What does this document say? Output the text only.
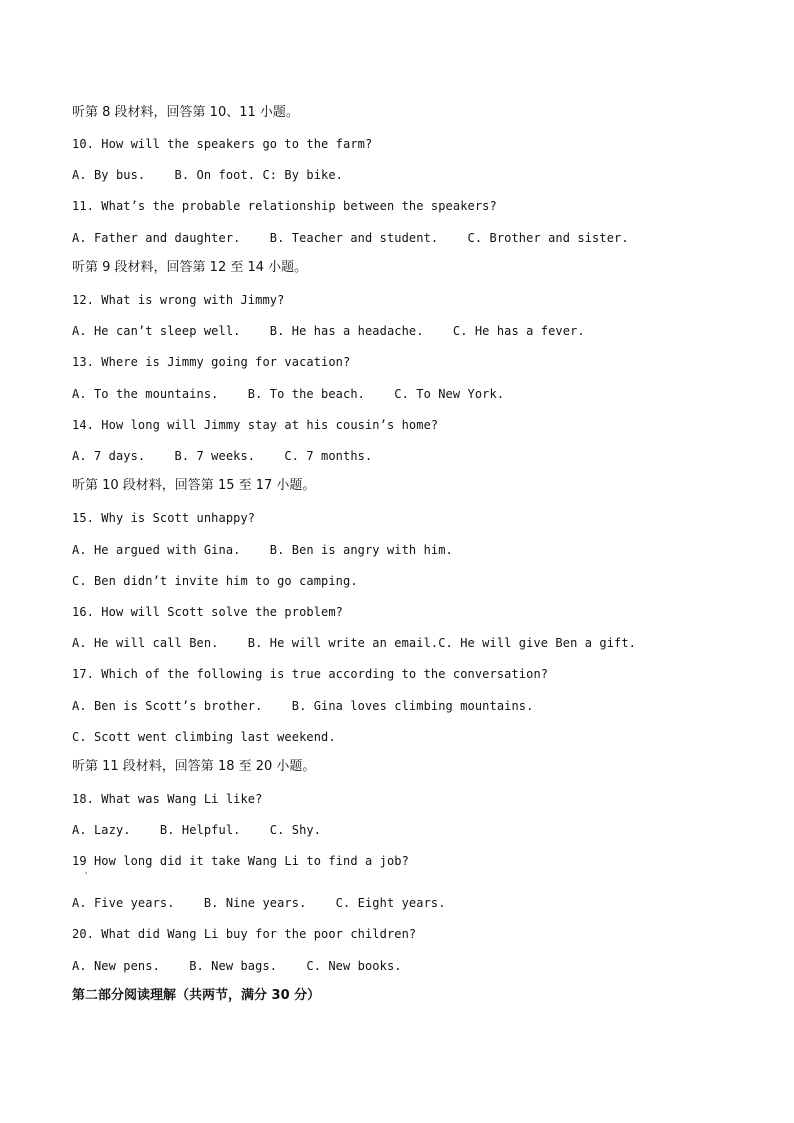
听第 8 段材料，回答第 10、11 小题。
10. How will the speakers go to the farm?
A. By bus.    B. On foot. C: By bike.
11. What’s the probable relationship between the speakers?
A. Father and daughter.    B. Teacher and student.    C. Brother and sister.
听第 9 段材料，回答第 12 至 14 小题。
12. What is wrong with Jimmy?
A. He can’t sleep well.    B. He has a headache.    C. He has a fever.
13. Where is Jimmy going for vacation?
A. To the mountains.    B. To the beach.    C. To New York.
14. How long will Jimmy stay at his cousin’s home?
A. 7 days.    B. 7 weeks.    C. 7 months.
听第 10 段材料，回答第 15 至 17 小题。
15. Why is Scott unhappy?
A. He argued with Gina.    B. Ben is angry with him.
C. Ben didn’t invite him to go camping.
16. How will Scott solve the problem?
A. He will call Ben.    B. He will write an email.C. He will give Ben a gift.
17. Which of the following is true according to the conversation?
A. Ben is Scott’s brother.    B. Gina loves climbing mountains.
C. Scott went climbing last weekend.
听第 11 段材料，回答第 18 至 20 小题。
18. What was Wang Li like?
A. Lazy.    B. Helpful.    C. Shy.
19 How long did it take Wang Li to find a job?
'
A. Five years.    B. Nine years.    C. Eight years.
20. What did Wang Li buy for the poor children?
A. New pens.    B. New bags.    C. New books.
第二部分阅读理解（共两节，满分 30 分）
